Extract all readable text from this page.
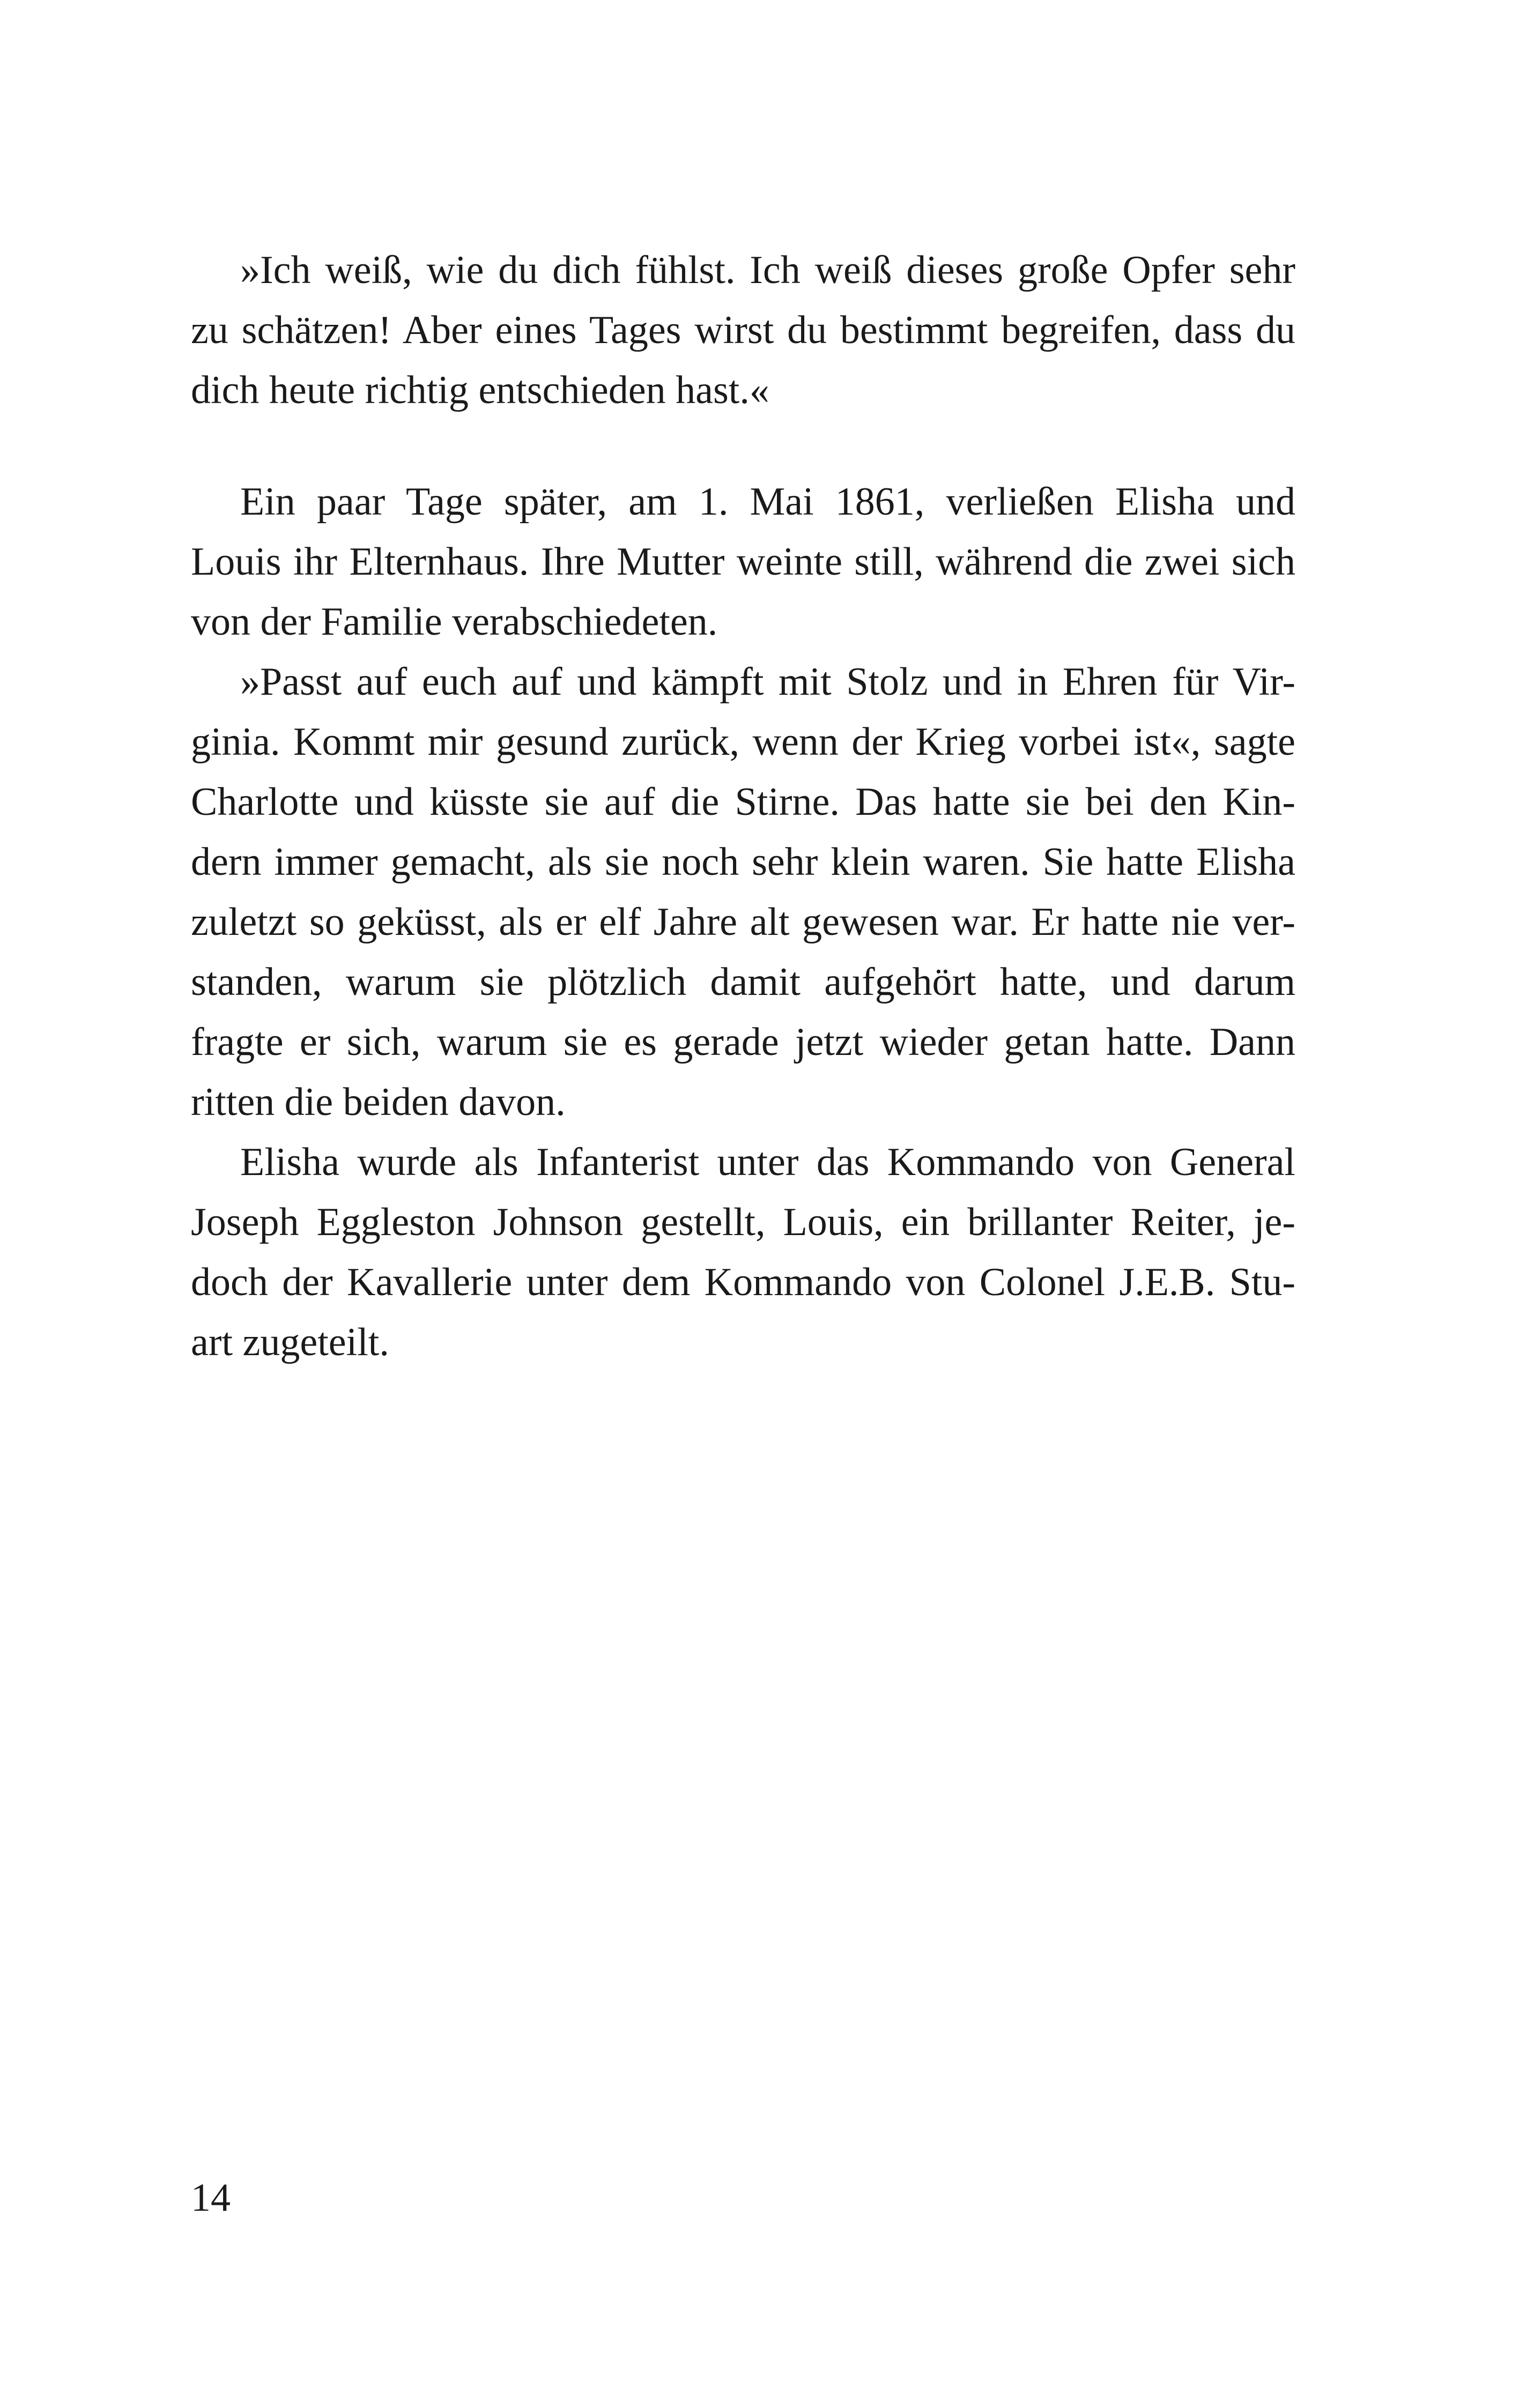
»Ich weiß, wie du dich fühlst. Ich weiß dieses große Opfer sehr
zu schätzen! Aber eines Tages wirst du bestimmt begreifen, dass du
dich heute richtig entschieden hast.«
Ein paar Tage später, am 1. Mai 1861, verließen Elisha und
Louis ihr Elternhaus. Ihre Mutter weinte still, während die zwei sich
von der Familie verabschiedeten.
»Passt auf euch auf und kämpft mit Stolz und in Ehren für Vir-
ginia. Kommt mir gesund zurück, wenn der Krieg vorbei ist«, sagte
Charlotte und küsste sie auf die Stirne. Das hatte sie bei den Kin-
dern immer gemacht, als sie noch sehr klein waren. Sie hatte Elisha
zuletzt so geküsst, als er elf Jahre alt gewesen war. Er hatte nie ver-
standen, warum sie plötzlich damit aufgehört hatte, und darum
fragte er sich, warum sie es gerade jetzt wieder getan hatte. Dann
ritten die beiden davon.
Elisha wurde als Infanterist unter das Kommando von General
Joseph Eggleston Johnson gestellt, Louis, ein brillanter Reiter, je-
doch der Kavallerie unter dem Kommando von Colonel J.E.B. Stu-
art zugeteilt.
14
